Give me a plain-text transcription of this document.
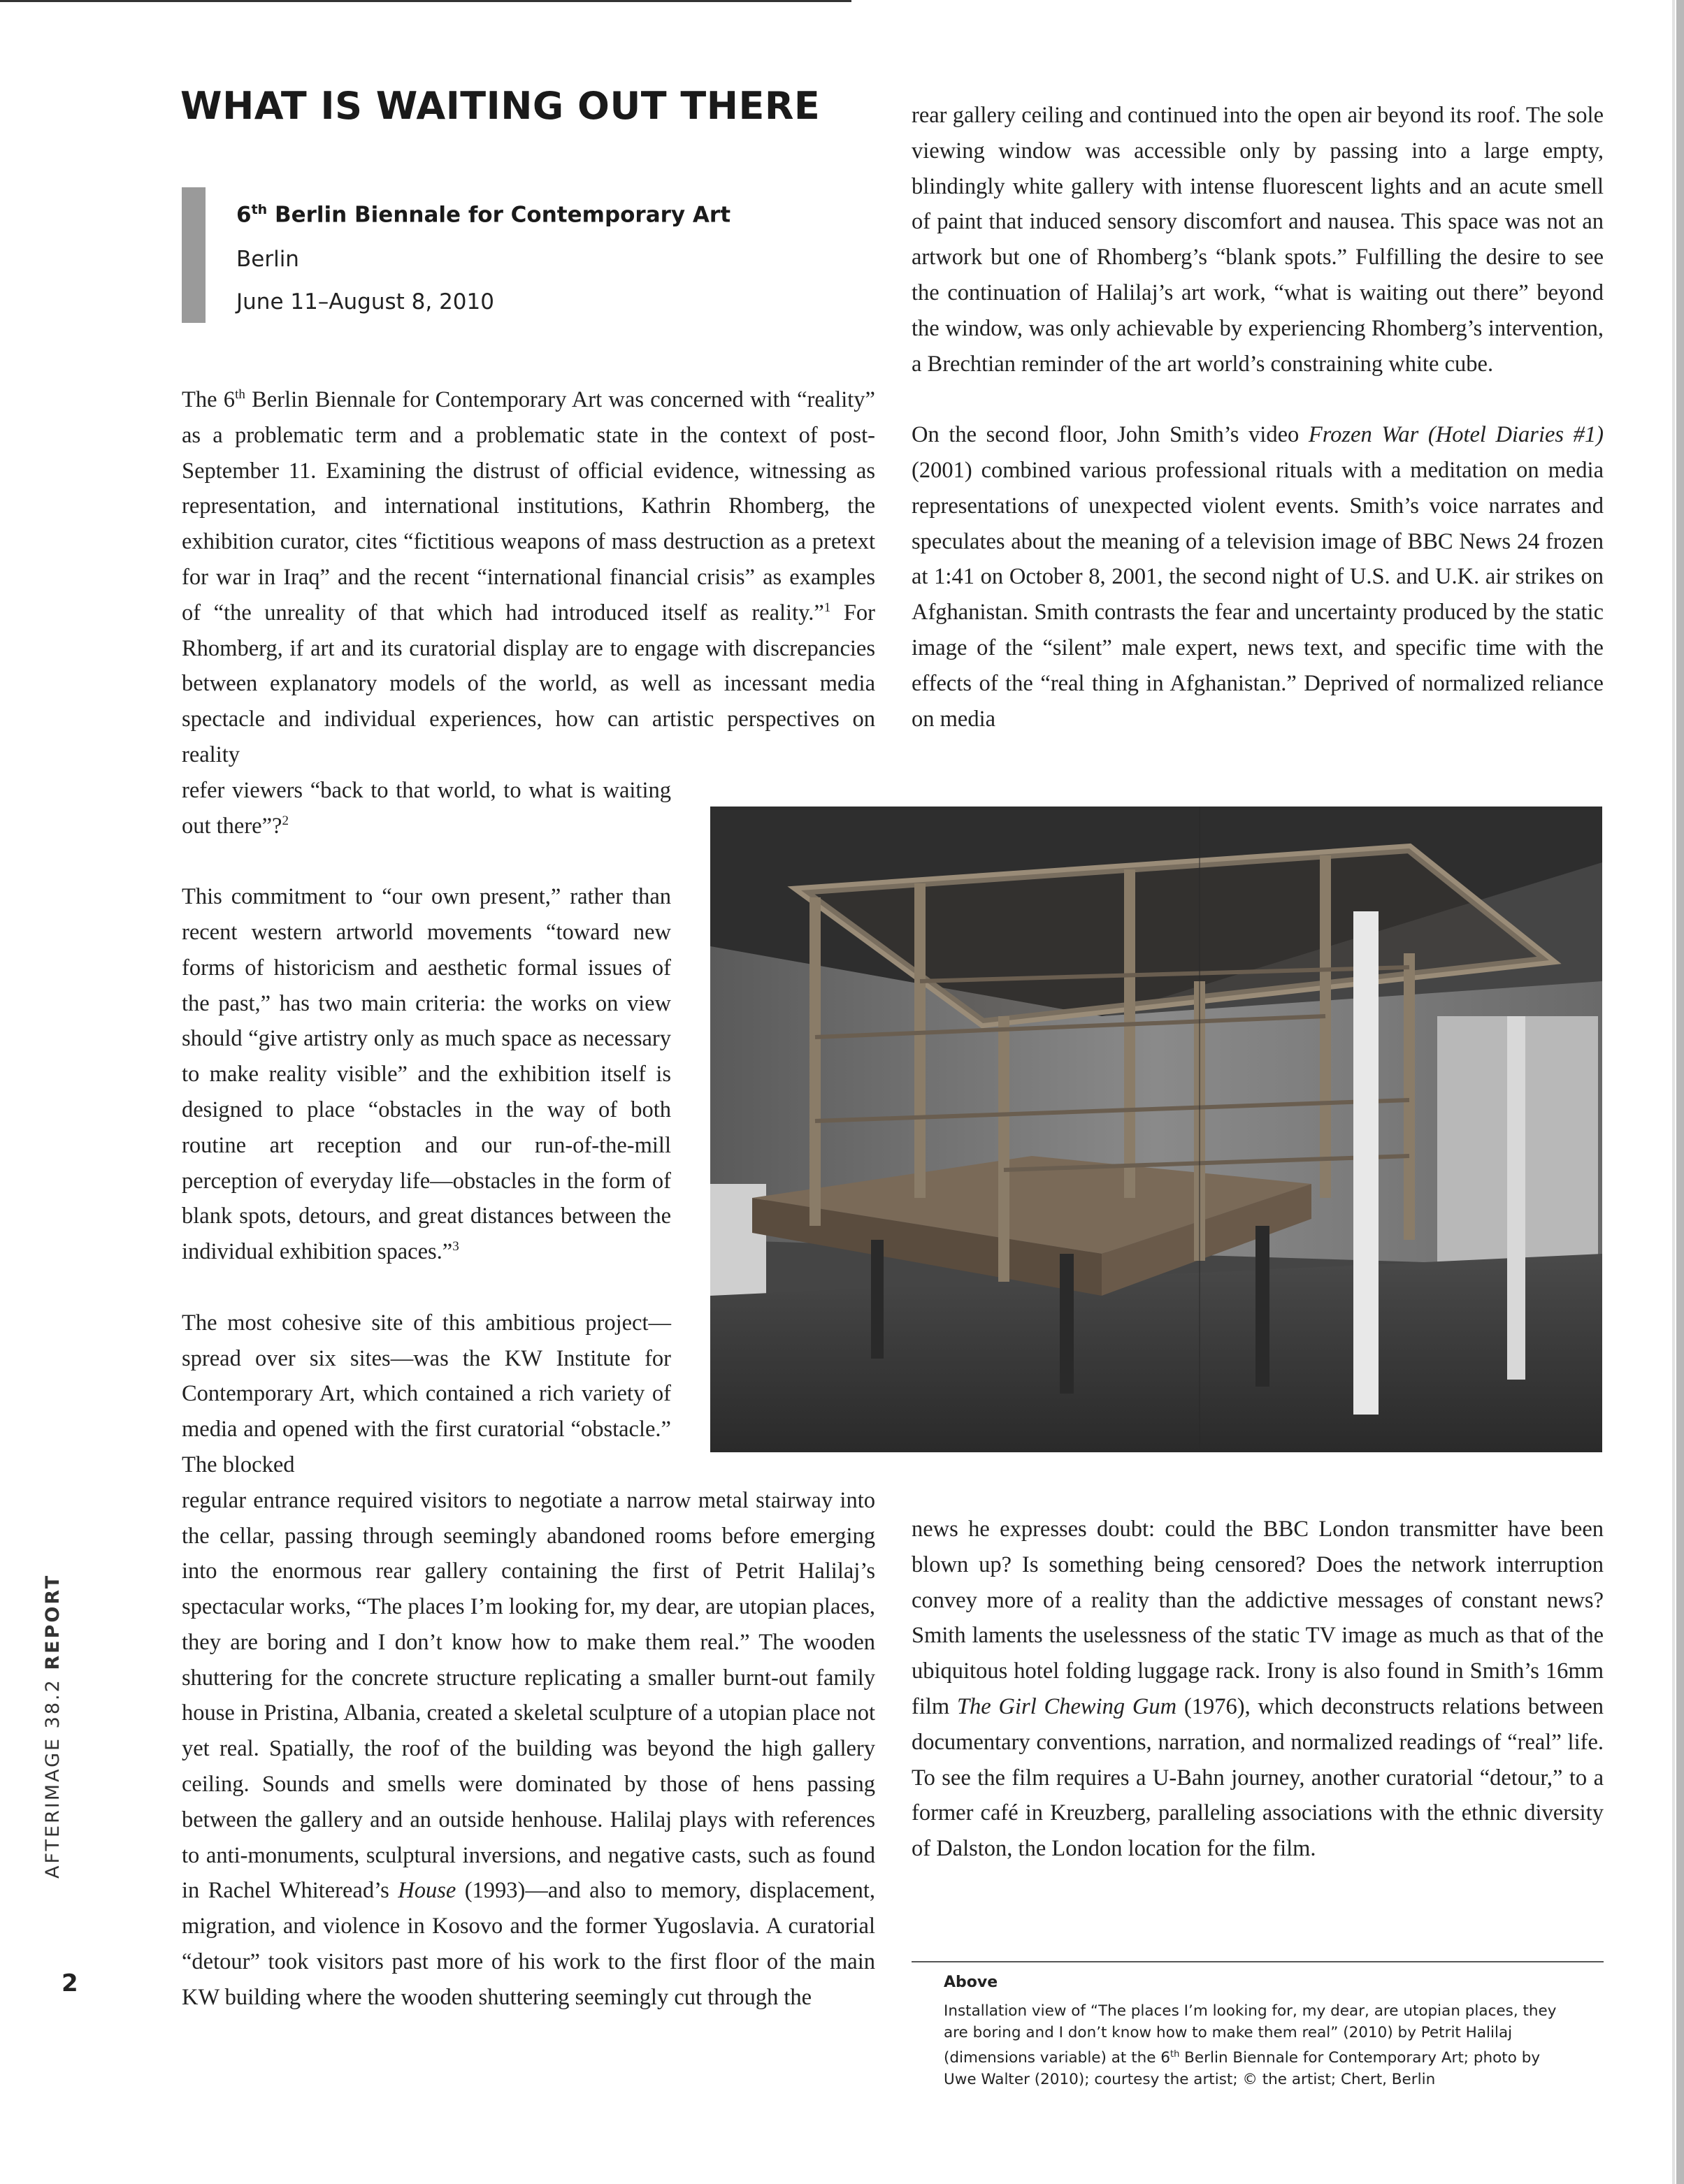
WHAT IS WAITING OUT THERE
6th Berlin Biennale for Contemporary Art
Berlin
June 11–August 8, 2010

The 6th Berlin Biennale for Contemporary Art was concerned with “reality” as a problematic term and a problematic state in the context of post-September 11. Examining the distrust of official evidence, witnessing as representation, and international institutions, Kathrin Rhomberg, the exhibition curator, cites “fictitious weapons of mass destruction as a pretext for war in Iraq” and the recent “international financial crisis” as examples of “the unreality of that which had introduced itself as reality.”$^1$ For Rhomberg, if art and its curatorial display are to engage with discrepancies between explanatory models of the world, as well as incessant media spectacle and individual experiences, how can artistic perspectives on reality

refer viewers “back to that world, to what is waiting out there”?$^2$

This commitment to “our own present,” rather than recent western artworld movements “toward new forms of historicism and aesthetic formal issues of the past,” has two main criteria: the works on view should “give artistry only as much space as necessary to make reality visible” and the exhibition itself is designed to place “obstacles in the way of both routine art reception and our run-of-the-mill perception of everyday life—obstacles in the form of blank spots, detours, and great distances between the individual exhibition spaces.”$^3$

The most cohesive site of this ambitious project—spread over six sites—was the KW Institute for Contemporary Art, which contained a rich variety of media and opened with the first curatorial “obstacle.” The blocked

regular entrance required visitors to negotiate a narrow metal stairway into the cellar, passing through seemingly abandoned rooms before emerging into the enormous rear gallery containing the first of Petrit Halilaj’s spectacular works, “The places I’m looking for, my dear, are utopian places, they are boring and I don’t know how to make them real.” The wooden shuttering for the concrete structure replicating a smaller burnt-out family house in Pristina, Albania, created a skeletal sculpture of a utopian place not yet real. Spatially, the roof of the building was beyond the high gallery ceiling. Sounds and smells were dominated by those of hens passing between the gallery and an outside henhouse. Halilaj plays with references to anti-monuments, sculptural inversions, and negative casts, such as found in Rachel Whiteread’s House (1993)—and also to memory, displacement, migration, and violence in Kosovo and the former Yugoslavia. A curatorial “detour” took visitors past more of his work to the first floor of the main KW building where the wooden shuttering seemingly cut through the

rear gallery ceiling and continued into the open air beyond its roof. The sole viewing window was accessible only by passing into a large empty, blindingly white gallery with intense fluorescent lights and an acute smell of paint that induced sensory discomfort and nausea. This space was not an artwork but one of Rhomberg’s “blank spots.” Fulfilling the desire to see the continuation of Halilaj’s art work, “what is waiting out there” beyond the window, was only achievable by experiencing Rhomberg’s intervention, a Brechtian reminder of the art world’s constraining white cube.

On the second floor, John Smith’s video Frozen War (Hotel Diaries #1) (2001) combined various professional rituals with a meditation on media representations of unexpected violent events. Smith’s voice narrates and speculates about the meaning of a television image of BBC News 24 frozen at 1:41 on October 8, 2001, the second night of U.S. and U.K. air strikes on Afghanistan. Smith contrasts the fear and uncertainty produced by the static image of the “silent” male expert, news text, and specific time with the effects of the “real thing in Afghanistan.” Deprived of normalized reliance on media

news he expresses doubt: could the BBC London transmitter have been blown up? Is something being censored? Does the network interruption convey more of a reality than the addictive messages of constant news? Smith laments the uselessness of the static TV image as much as that of the ubiquitous hotel folding luggage rack. Irony is also found in Smith’s 16mm film The Girl Chewing Gum (1976), which deconstructs relations between documentary conventions, narration, and normalized readings of “real” life. To see the film requires a U-Bahn journey, another curatorial “detour,” to a former café in Kreuzberg, paralleling associations with the ethnic diversity of Dalston, the London location for the film.

AFTERIMAGE 38.2 REPORT
2	Above

Installation view of “The places I’m looking for, my dear, are utopian places, they are boring and I don’t know how to make them real” (2010) by Petrit Halilaj (dimensions variable) at the 6th Berlin Biennale for Contemporary Art; photo by Uwe Walter (2010); courtesy the artist; © the artist; Chert, Berlin
